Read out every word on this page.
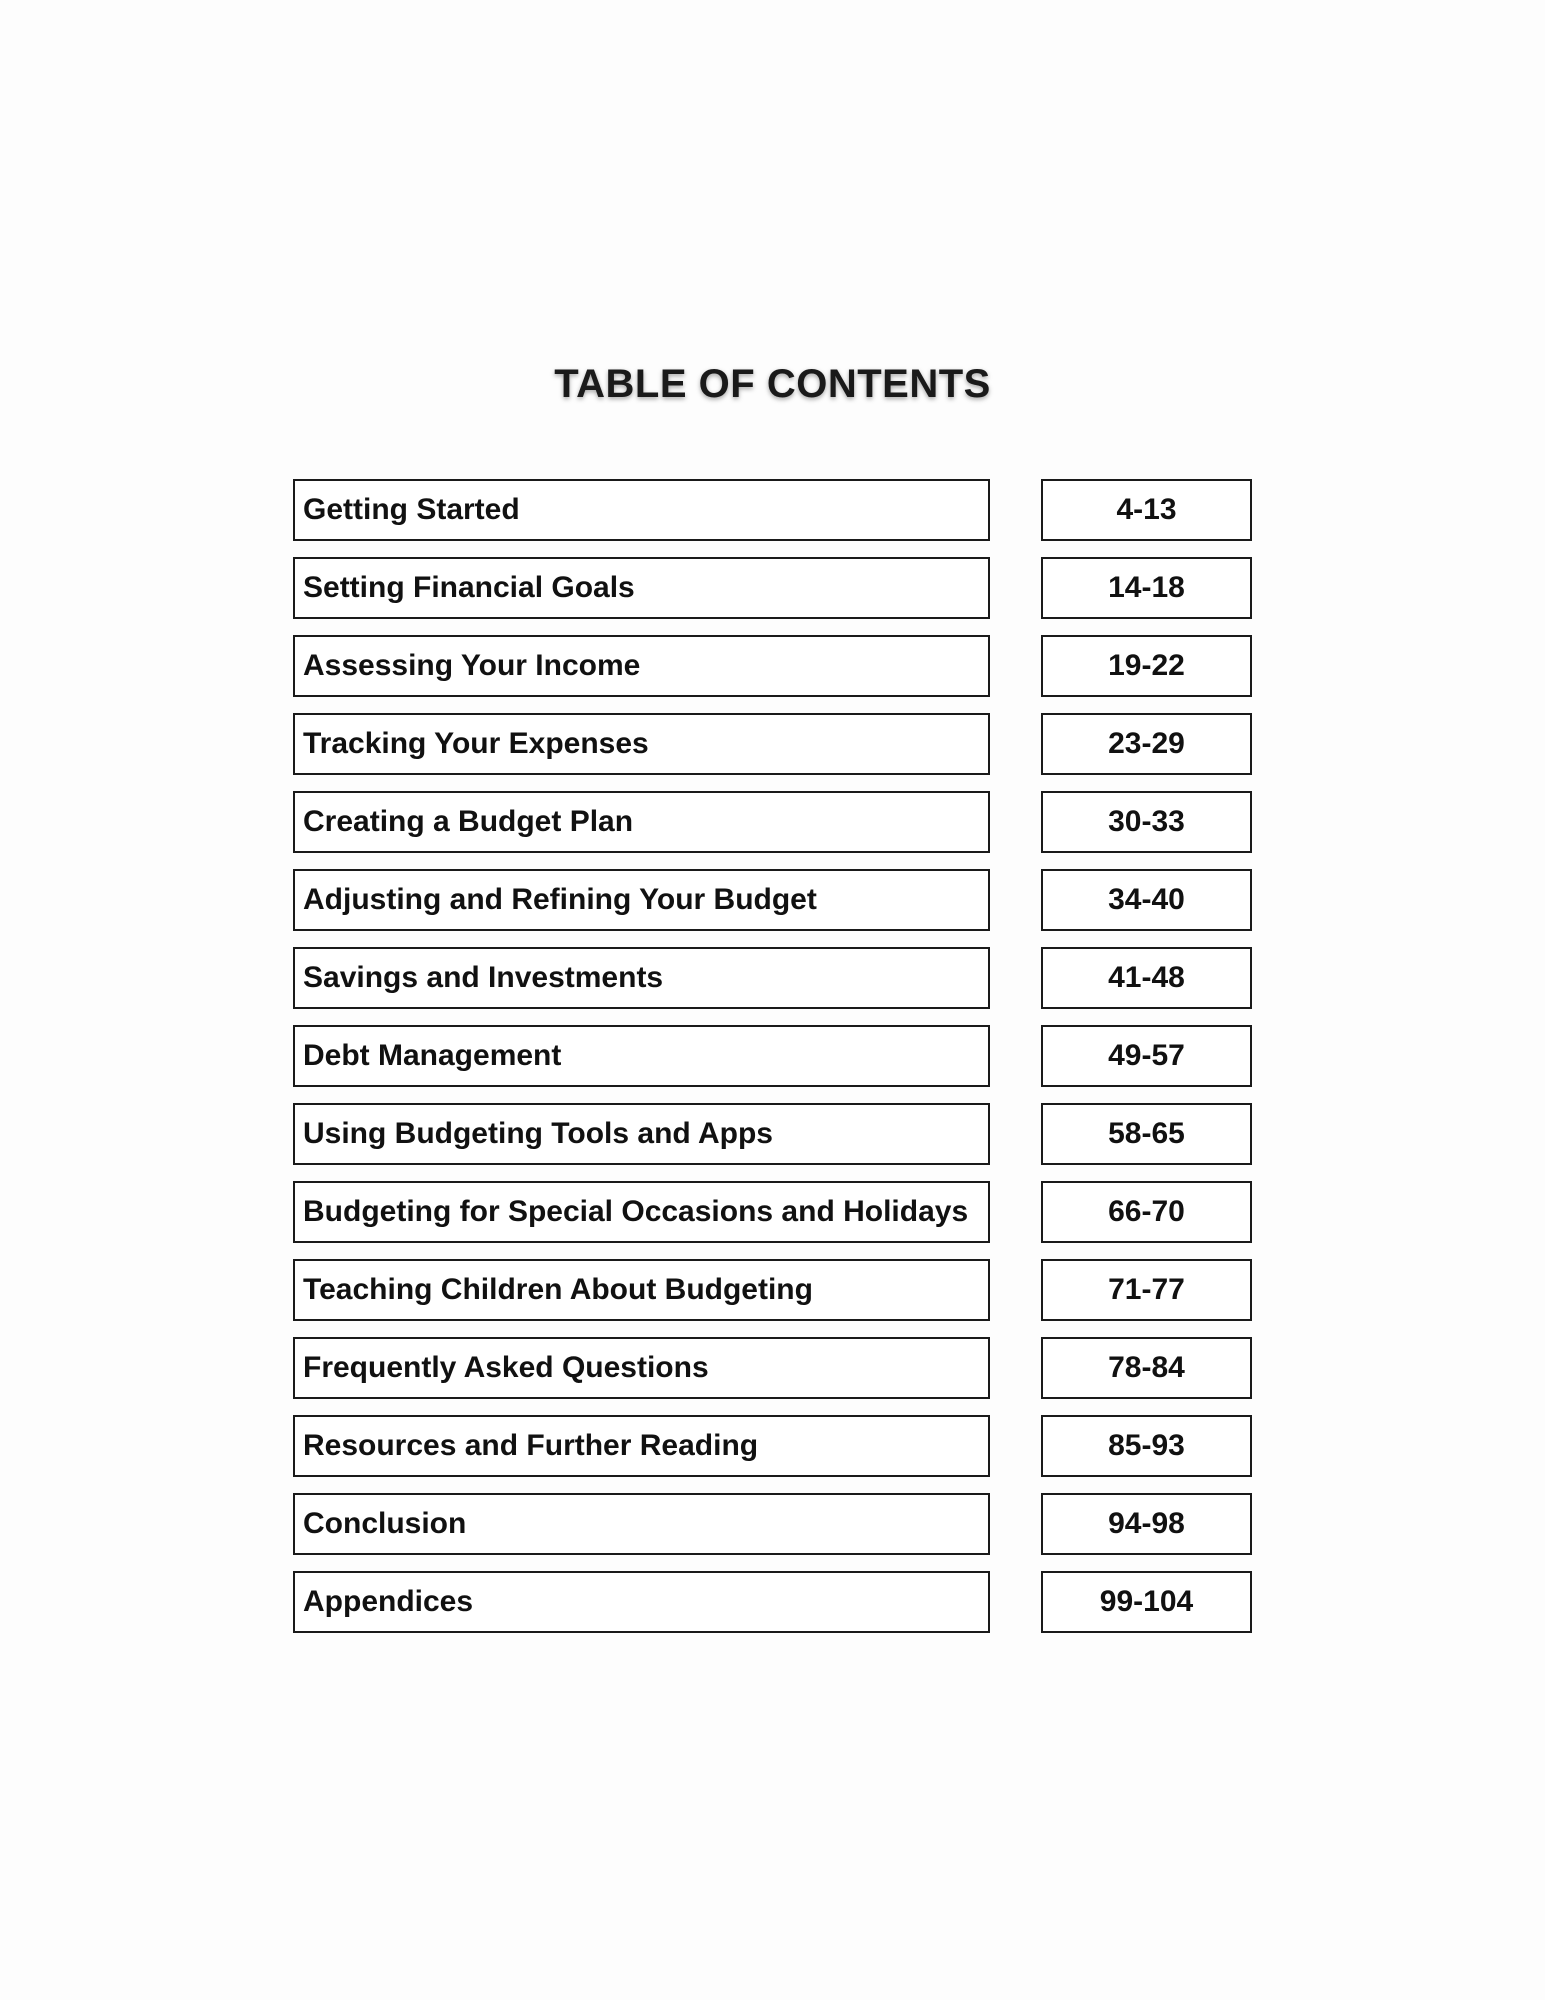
TABLE OF CONTENTS
Getting Started	4-13
Setting Financial Goals	14-18
Assessing Your Income	19-22
Tracking Your Expenses	23-29
Creating a Budget Plan	30-33
Adjusting and Refining Your Budget	34-40
Savings and Investments	41-48
Debt Management	49-57
Using Budgeting Tools and Apps	58-65
Budgeting for Special Occasions and Holidays	66-70
Teaching Children About Budgeting	71-77
Frequently Asked Questions	78-84
Resources and Further Reading	85-93
Conclusion	94-98
Appendices	99-104
